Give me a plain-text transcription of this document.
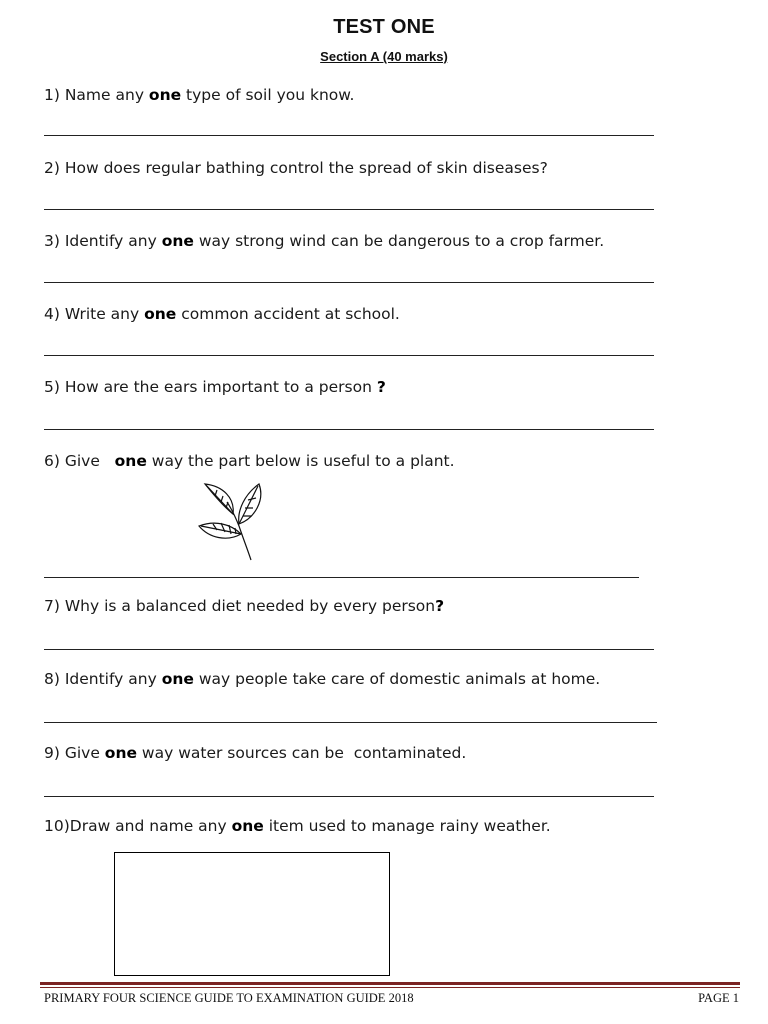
TEST ONE
Section A (40 marks)
1) Name any one type of soil you know.
2) How does regular bathing control the spread of skin diseases?
3) Identify any one way strong wind can be dangerous to a crop farmer.
4) Write any one common accident at school.
5) How are the ears important to a person ?
6) Give   one way the part below is useful to a plant.
7) Why is a balanced diet needed by every person?
8) Identify any one way people take care of domestic animals at home.
9) Give one way water sources can be  contaminated.
10)Draw and name any one item used to manage rainy weather.
PRIMARY FOUR SCIENCE GUIDE TO EXAMINATION GUIDE 2018	PAGE 1
